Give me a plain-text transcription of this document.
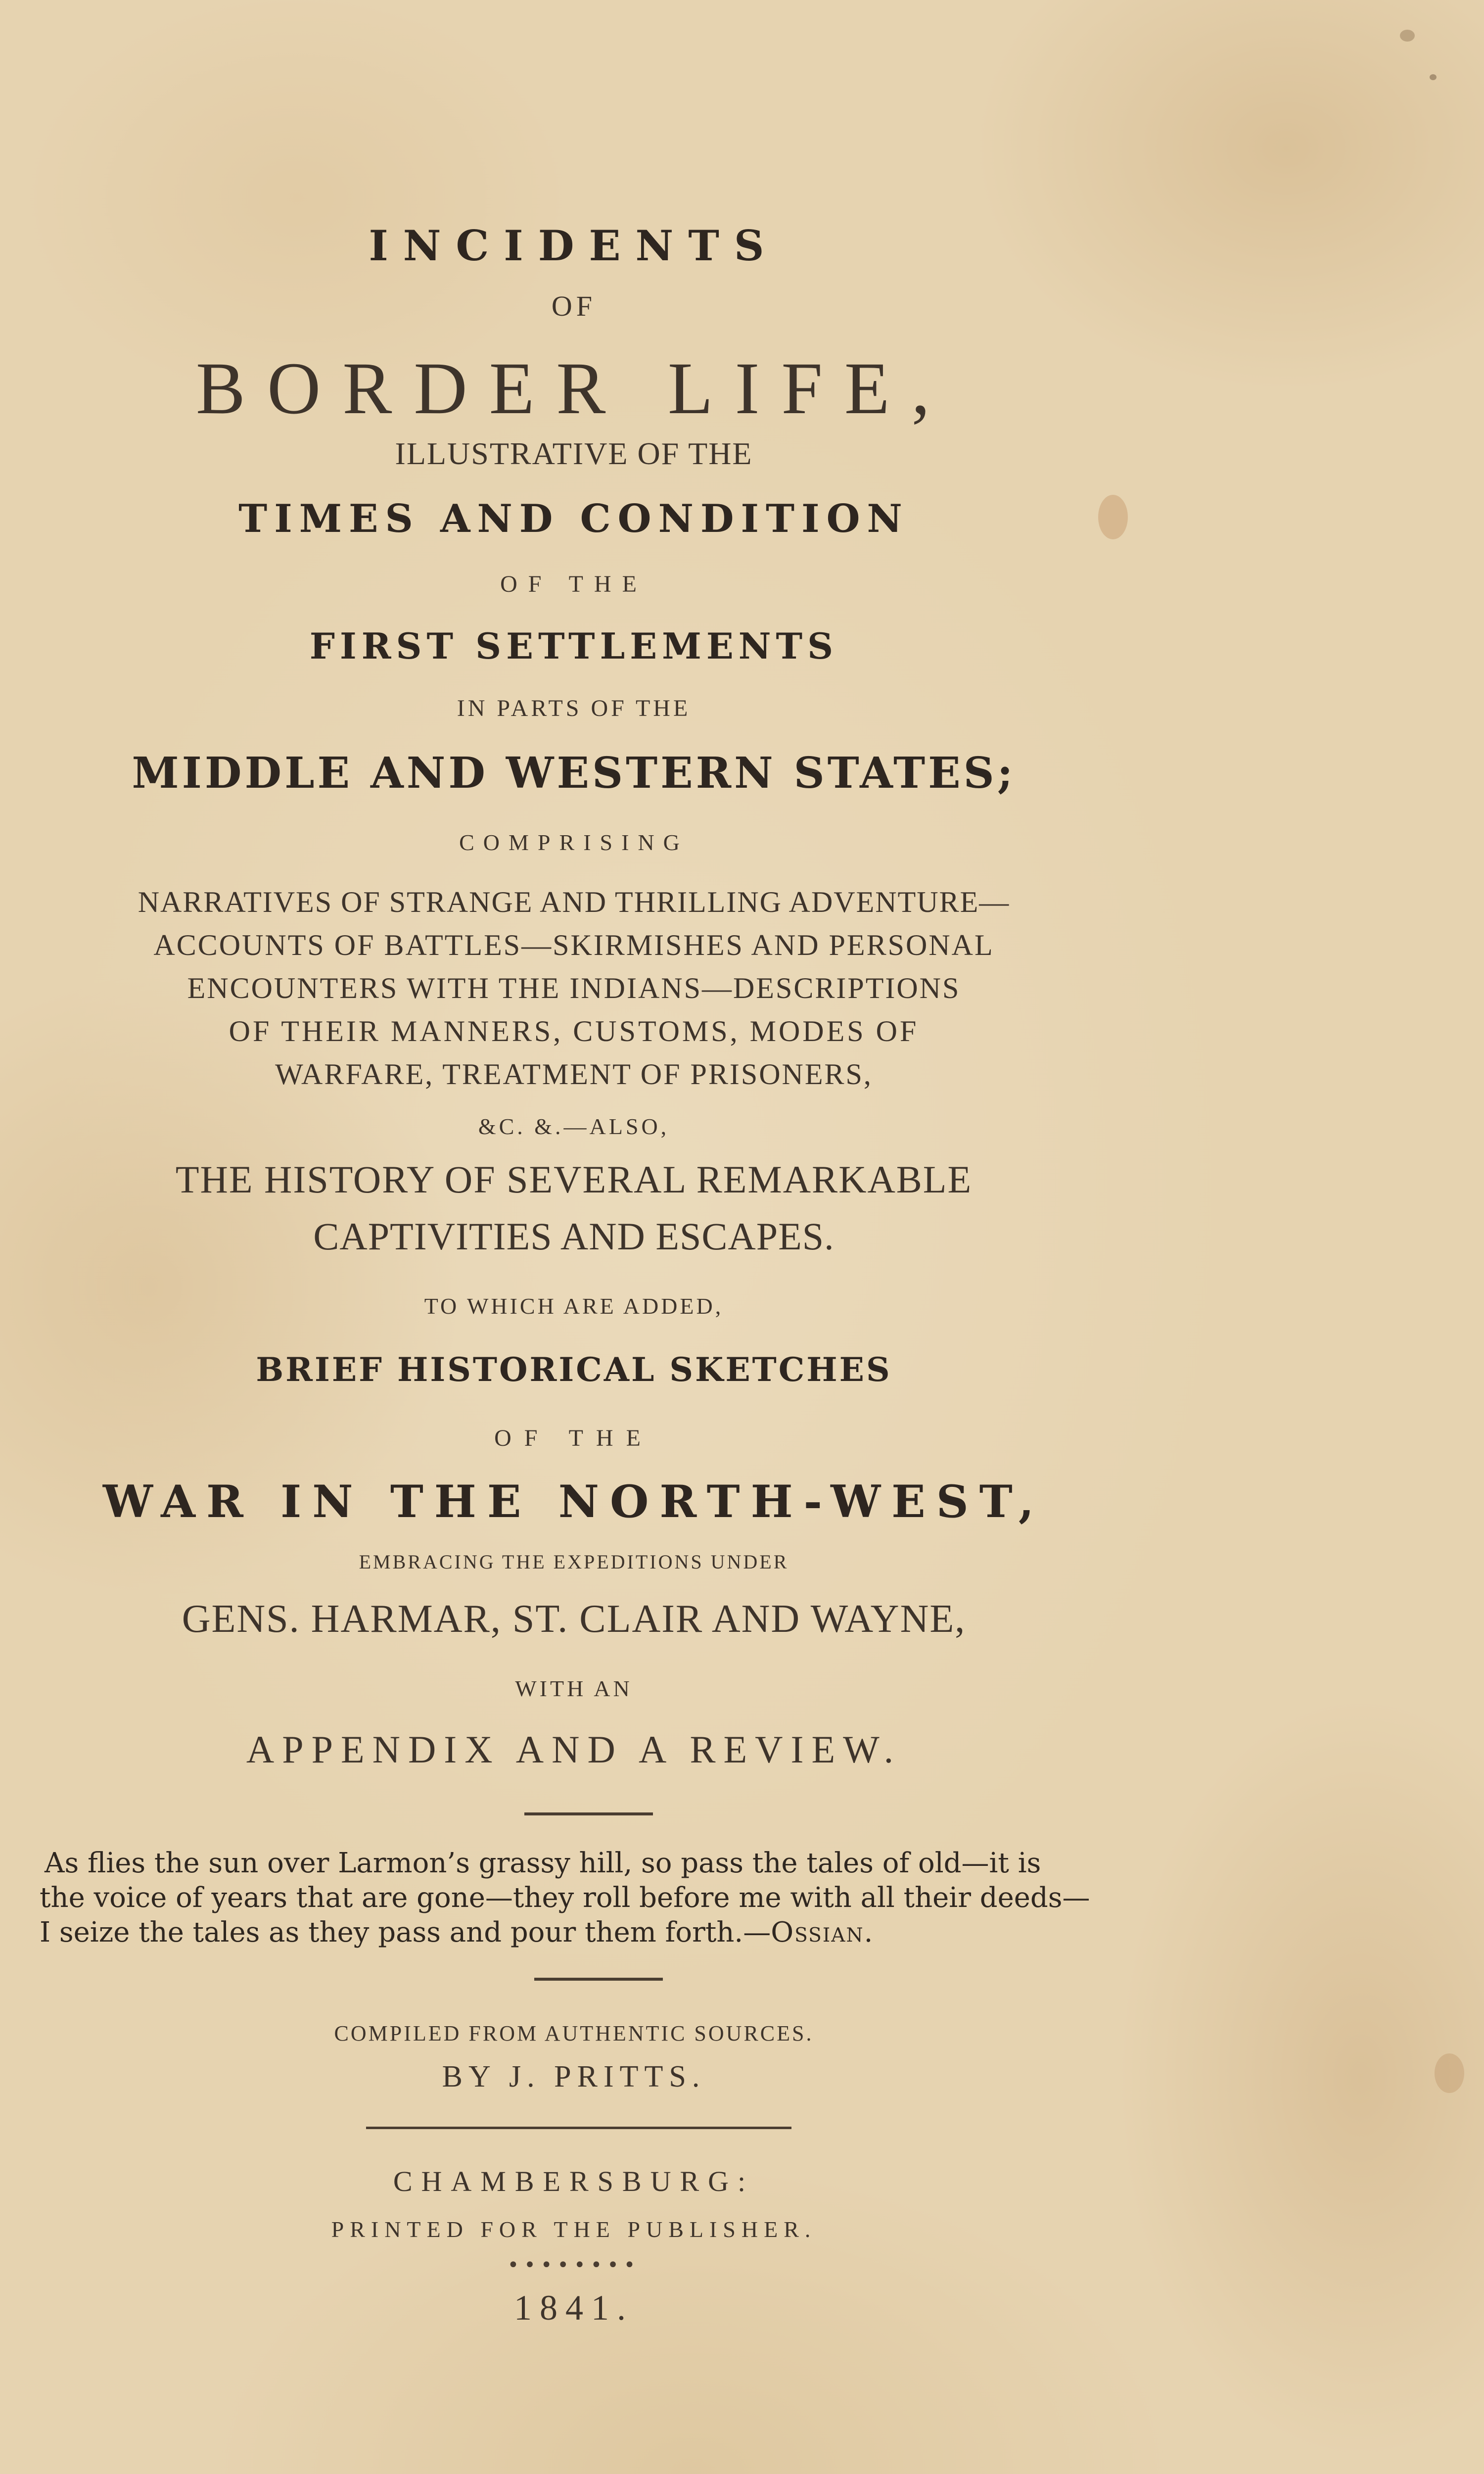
INCIDENTS
OF
BORDER LIFE,
ILLUSTRATIVE OF THE
TIMES AND CONDITION
OF THE
FIRST SETTLEMENTS
IN PARTS OF THE
MIDDLE AND WESTERN STATES;
COMPRISING
NARRATIVES OF STRANGE AND THRILLING ADVENTURE—
ACCOUNTS OF BATTLES—SKIRMISHES AND PERSONAL
ENCOUNTERS WITH THE INDIANS—DESCRIPTIONS
OF THEIR MANNERS, CUSTOMS, MODES OF
WARFARE, TREATMENT OF PRISONERS,
&C. &.—ALSO,
THE HISTORY OF SEVERAL REMARKABLE
CAPTIVITIES AND ESCAPES.
TO WHICH ARE ADDED,
BRIEF HISTORICAL SKETCHES
OF THE
WAR IN THE NORTH-WEST,
EMBRACING THE EXPEDITIONS UNDER
GENS. HARMAR, ST. CLAIR AND WAYNE,
WITH AN
APPENDIX AND A REVIEW.
As flies the sun over Larmon’s grassy hill, so pass the tales of old—it is
the voice of years that are gone—they roll before me with all their deeds—
I seize the tales as they pass and pour them forth.—Ossian.
COMPILED FROM AUTHENTIC SOURCES.
BY J. PRITTS.
CHAMBERSBURG:
PRINTED FOR THE PUBLISHER.
••••••••
1841.
